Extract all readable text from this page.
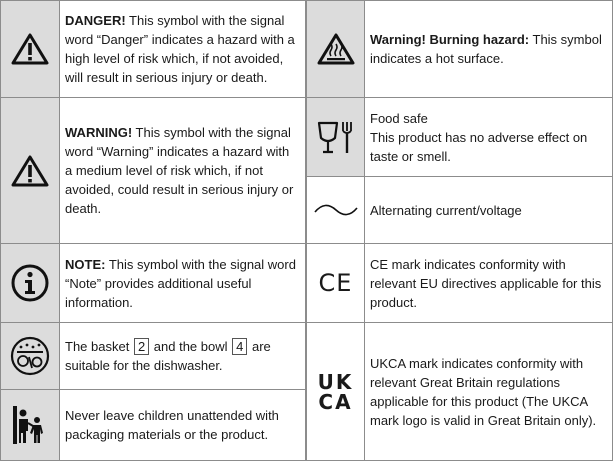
DANGER! This symbol with the signal word “Danger” indicates a hazard with a high level of risk which, if not avoided, will result in serious injury or death.
WARNING! This symbol with the signal word “Warning” indicates a hazard with a medium level of risk which, if not avoided, could result in serious injury or death.
NOTE: This symbol with the signal word “Note” provides additional useful information.
The basket 2 and the bowl 4 are suitable for the dishwasher.
Never leave children unattended with packaging materials or the product.
Warning! Burning hazard: This symbol indicates a hot surface.
Food safe
This product has no adverse effect on taste or smell.
Alternating current/voltage
CE
CE mark indicates conformity with relevant EU directives applicable for this product.
UK
CA
UKCA mark indicates conformity with relevant Great Britain regulations applicable for this product (The UKCA mark logo is valid in Great Britain only).
